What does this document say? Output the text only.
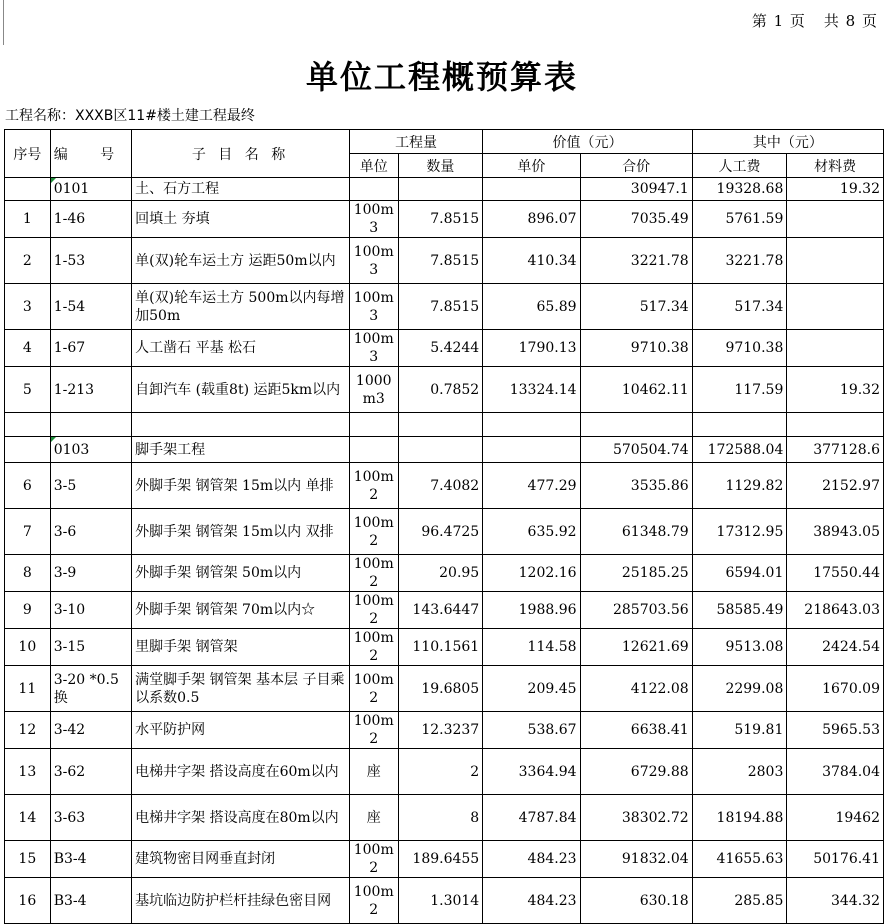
第 1 页 共 8 页
单位工程概预算表
工程名称：XXXB区11#楼土建工程最终
序号	编 号	子 目 名 称	工程量		价值（元）		其中（元）	
			单位	数量	单价	合价	人工费	材料费
	0101	土、石方工程				30947.1	19328.68	19.32
1	1-46	回填土 夯填	100m3	7.8515	896.07	7035.49	5761.59	
2	1-53	单(双)轮车运土方 运距50m以内	100m3	7.8515	410.34	3221.78	3221.78	
3	1-54	单(双)轮车运土方 500m以内每增加50m	100m3	7.8515	65.89	517.34	517.34	
4	1-67	人工凿石 平基 松石	100m3	5.4244	1790.13	9710.38	9710.38	
5	1-213	自卸汽车 (载重8t) 运距5km以内	1000m3	0.7852	13324.14	10462.11	117.59	19.32

	0103	脚手架工程				570504.74	172588.04	377128.6
6	3-5	外脚手架 钢管架 15m以内 单排	100m2	7.4082	477.29	3535.86	1129.82	2152.97
7	3-6	外脚手架 钢管架 15m以内 双排	100m2	96.4725	635.92	61348.79	17312.95	38943.05
8	3-9	外脚手架 钢管架 50m以内	100m2	20.95	1202.16	25185.25	6594.01	17550.44
9	3-10	外脚手架 钢管架 70m以内☆	100m2	143.6447	1988.96	285703.56	58585.49	218643.03
10	3-15	里脚手架 钢管架	100m2	110.1561	114.58	12621.69	9513.08	2424.54
11	3-20 *0.5换	满堂脚手架 钢管架 基本层 子目乘以系数0.5	100m2	19.6805	209.45	4122.08	2299.08	1670.09
12	3-42	水平防护网	100m2	12.3237	538.67	6638.41	519.81	5965.53
13	3-62	电梯井字架 搭设高度在60m以内	座	2	3364.94	6729.88	2803	3784.04
14	3-63	电梯井字架 搭设高度在80m以内	座	8	4787.84	38302.72	18194.88	19462
15	B3-4	建筑物密目网垂直封闭	100m2	189.6455	484.23	91832.04	41655.63	50176.41
16	B3-4	基坑临边防护栏杆挂绿色密目网	100m2	1.3014	484.23	630.18	285.85	344.32
